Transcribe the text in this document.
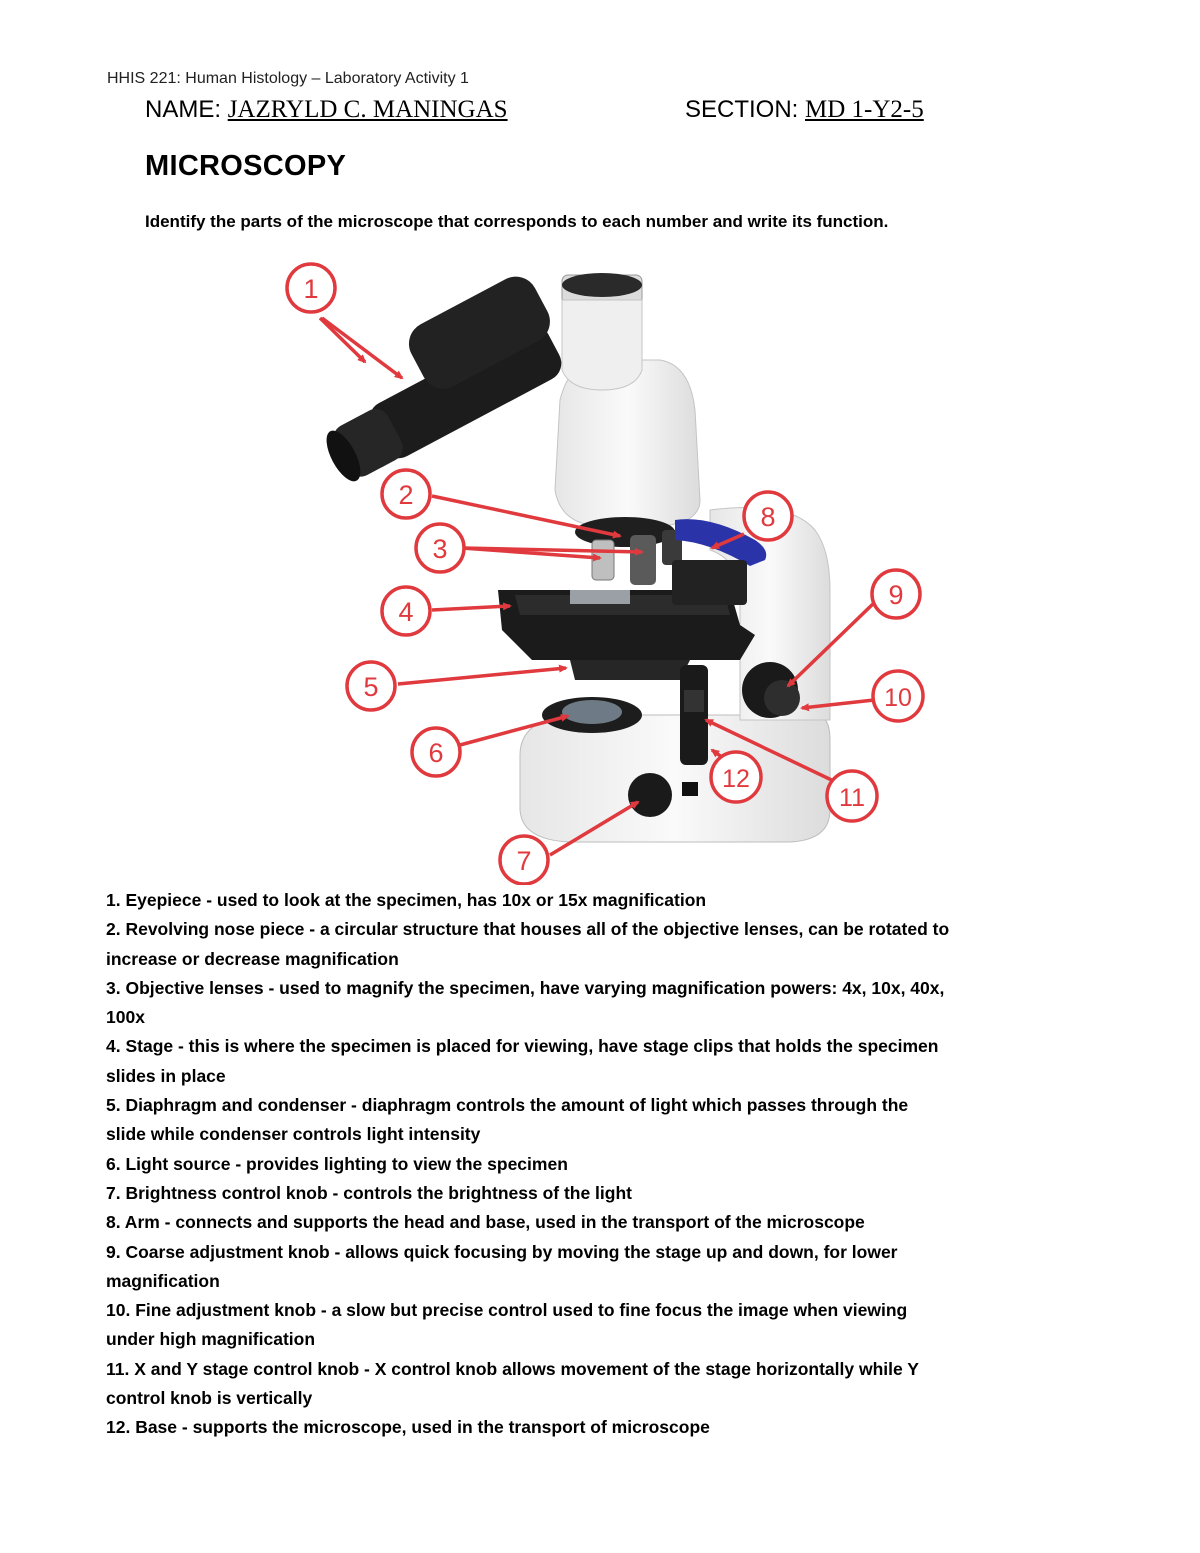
HHIS 221: Human Histology – Laboratory Activity 1
NAME: JAZRYLD C. MANINGAS	SECTION: MD 1-Y2-5
MICROSCOPY
Identify the parts of the microscope that corresponds to each number and write its function.
1
2
3
4
5
6
7
8
9
10
11
12
1. Eyepiece - used to look at the specimen, has 10x or 15x magnification
2. Revolving nose piece - a circular structure that houses all of the objective lenses, can be rotated to
increase or decrease magnification
3. Objective lenses - used to magnify the specimen, have varying magnification powers: 4x, 10x, 40x,
100x
4. Stage - this is where the specimen is placed for viewing, have stage clips that holds the specimen
slides in place
5. Diaphragm and condenser - diaphragm controls the amount of light which passes through the
slide while condenser controls light intensity
6. Light source - provides lighting to view the specimen
7. Brightness control knob - controls the brightness of the light
8. Arm - connects and supports the head and base, used in the transport of the microscope
9. Coarse adjustment knob - allows quick focusing by moving the stage up and down, for lower
magnification
10. Fine adjustment knob - a slow but precise control used to fine focus the image when viewing
under high magnification
11. X and Y stage control knob - X control knob allows movement of the stage horizontally while Y
control knob is vertically
12. Base - supports the microscope, used in the transport of microscope
